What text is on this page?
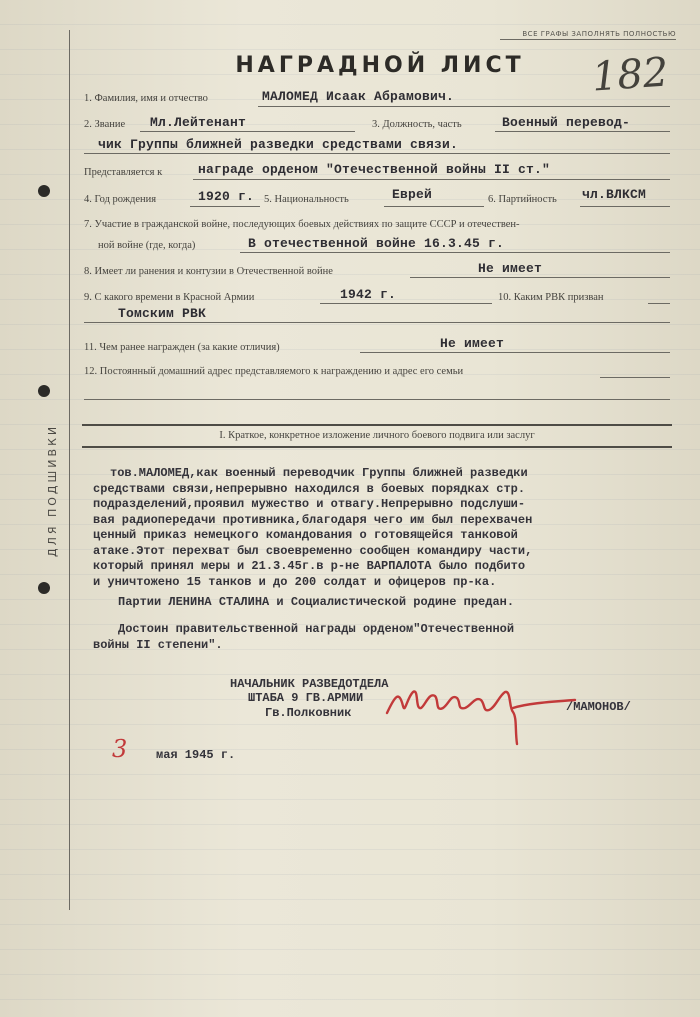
ДЛЯ ПОДШИВКИ
ВСЕ ГРАФЫ ЗАПОЛНЯТЬ ПОЛНОСТЬЮ
НАГРАДНОЙ ЛИСТ	182
1. Фамилия, имя и отчество	МАЛОМЕД Исаак Абрамович.
2. Звание Мл.Лейтенант	3. Должность, часть	Военный перевод-
чик Группы ближней разведки средствами связи.
Представляется к	награде орденом "Отечественной войны II ст."
4. Год рождения	1920 г. 5. Национальность	Еврей	6. Партийность чл.ВЛКСМ
7. Участие в гражданской войне, последующих боевых действиях по защите СССР и отечествен-
ной войне (где, когда)	В отечественной войне 16.3.45 г.
8. Имеет ли ранения и контузии в Отечественной войне	Не имеет
9. С какого времени в Красной Армии	1942 г.	10. Каким РВК призван
Томским РВК
11. Чем ранее награжден (за какие отличия)	Не имеет
12. Постоянный домашний адрес представляемого к награждению и адрес его семьи
I. Краткое, конкретное изложение личного боевого подвига или заслуг
тов.МАЛОМЕД,как военный переводчик Группы ближней разведки
средствами связи,непрерывно находился в боевых порядках стр.
подразделений,проявил мужество и отвагу.Непрерывно подслуши-
вая радиопередачи противника,благодаря чего им был перехвачен
ценный приказ немецкого командования о готовящейся танковой
атаке.Этот перехват был своевременно сообщен командиру части,
который принял меры и 21.3.45г.в р-не ВАРПАЛОТА было подбито
и уничтожено 15 танков и до 200 солдат и офицеров пр-ка.
Партии ЛЕНИНА СТАЛИНА и Социалистической родине предан.
Достоин правительственной награды орденом"Отечественной
войны II степени".
НАЧАЛЬНИК РАЗВЕДОТДЕЛА
ШТАБА 9 ГВ.АРМИИ
Гв.Полковник	/МАМОНОВ/
3 мая 1945 г.
